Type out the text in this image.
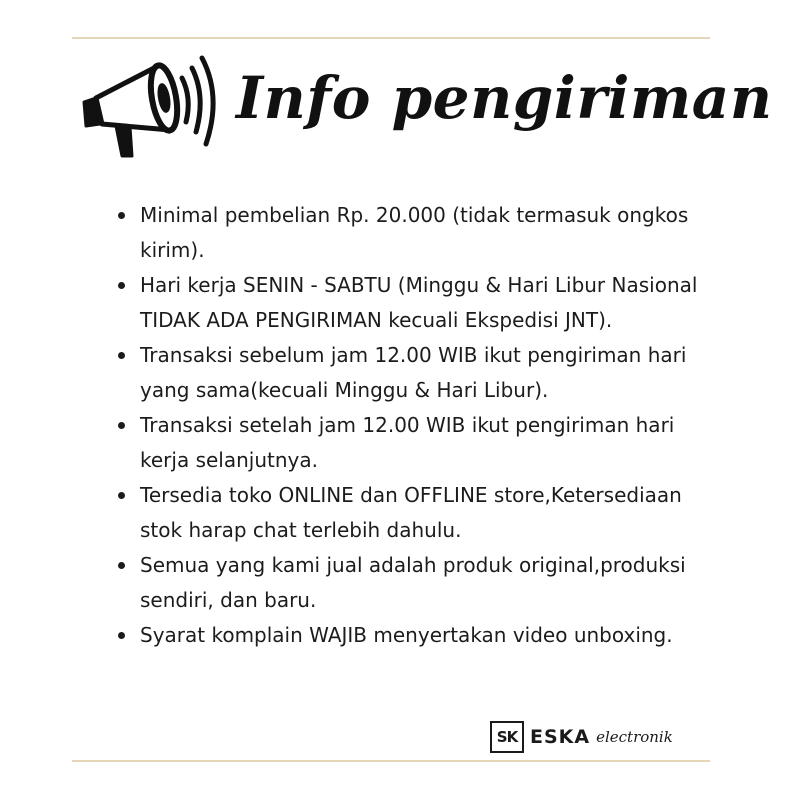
Info pengiriman
Minimal pembelian Rp. 20.000 (tidak termasuk ongkos kirim).
Hari kerja SENIN - SABTU (Minggu & Hari Libur Nasional TIDAK ADA PENGIRIMAN kecuali Ekspedisi JNT).
Transaksi sebelum jam 12.00 WIB ikut pengiriman hari yang sama(kecuali Minggu & Hari Libur).
Transaksi setelah jam 12.00 WIB ikut pengiriman hari kerja selanjutnya.
Tersedia toko ONLINE dan OFFLINE store,Ketersediaan stok harap chat terlebih dahulu.
Semua yang kami jual adalah produk original,produksi sendiri, dan baru.
Syarat komplain WAJIB menyertakan video unboxing.
SK ESKA electronik
